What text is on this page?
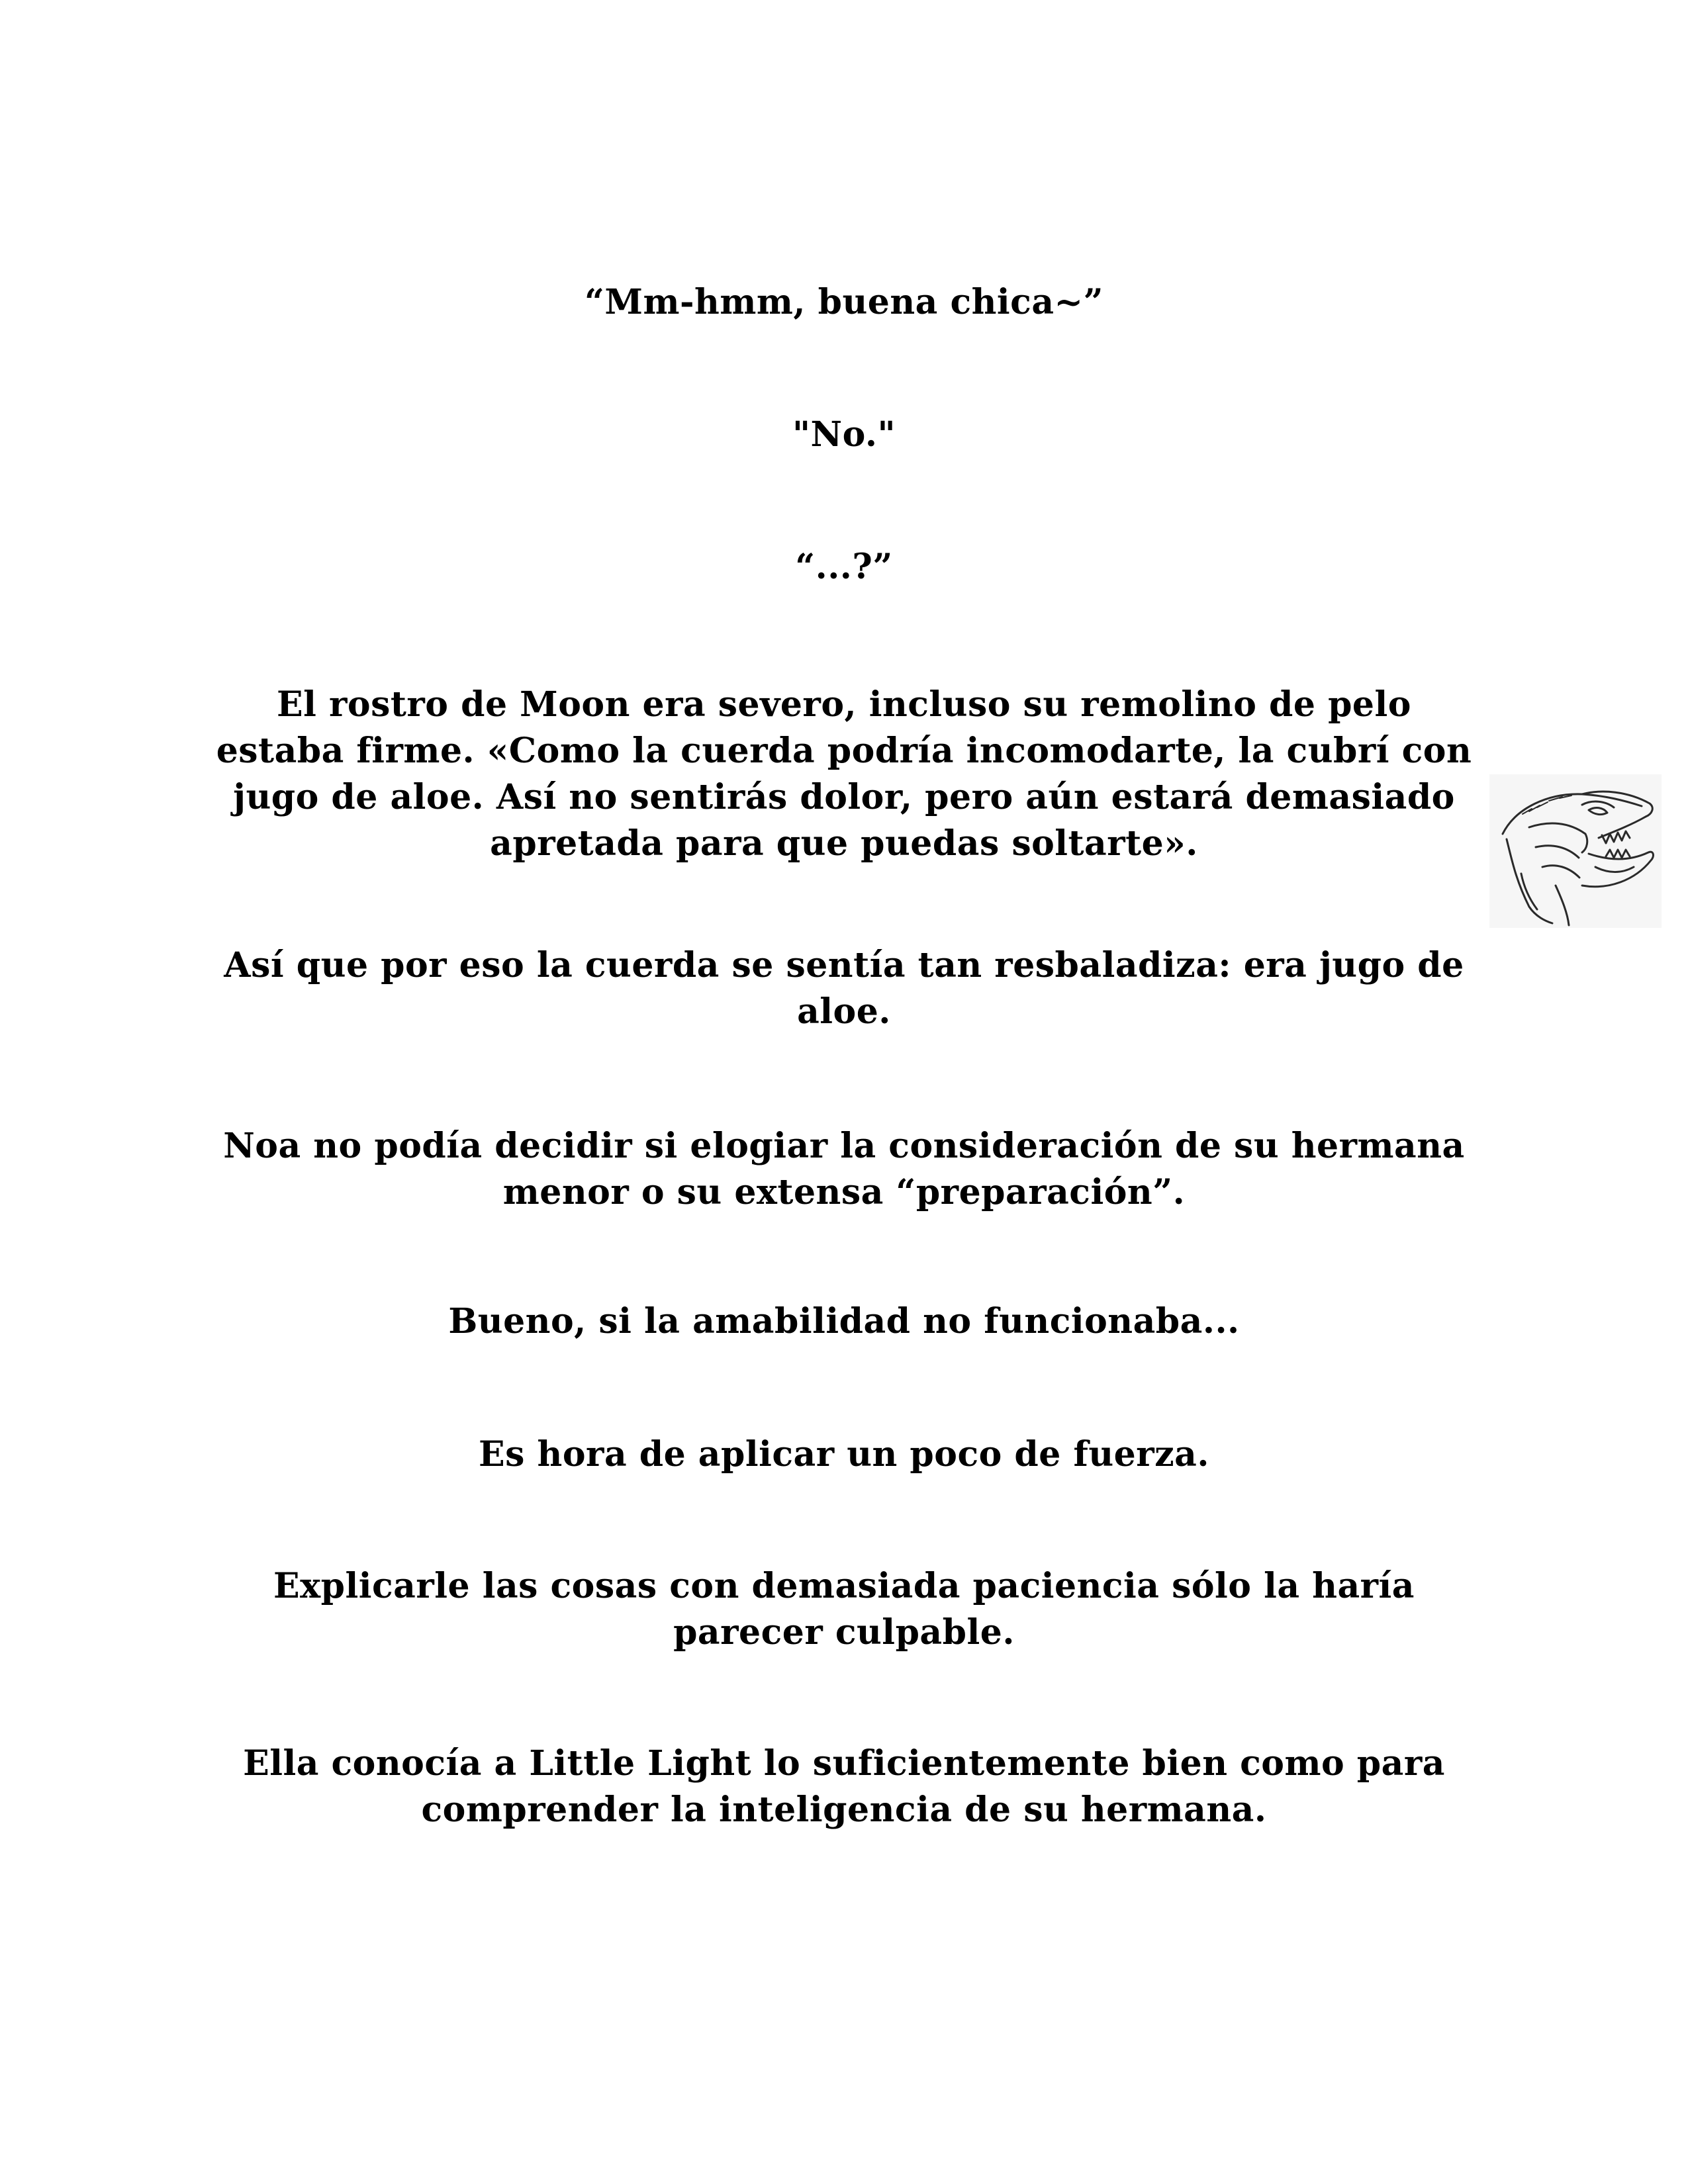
“Mm-hmm, buena chica~”

"No."

“...?”

El rostro de Moon era severo, incluso su remolino de pelo estaba firme. «Como la cuerda podría incomodarte, la cubrí con jugo de aloe. Así no sentirás dolor, pero aún estará demasiado apretada para que puedas soltarte».

Así que por eso la cuerda se sentía tan resbaladiza: era jugo de aloe.

Noa no podía decidir si elogiar la consideración de su hermana menor o su extensa “preparación”.

Bueno, si la amabilidad no funcionaba...

Es hora de aplicar un poco de fuerza.

Explicarle las cosas con demasiada paciencia sólo la haría parecer culpable.

Ella conocía a Little Light lo suficientemente bien como para comprender la inteligencia de su hermana.
